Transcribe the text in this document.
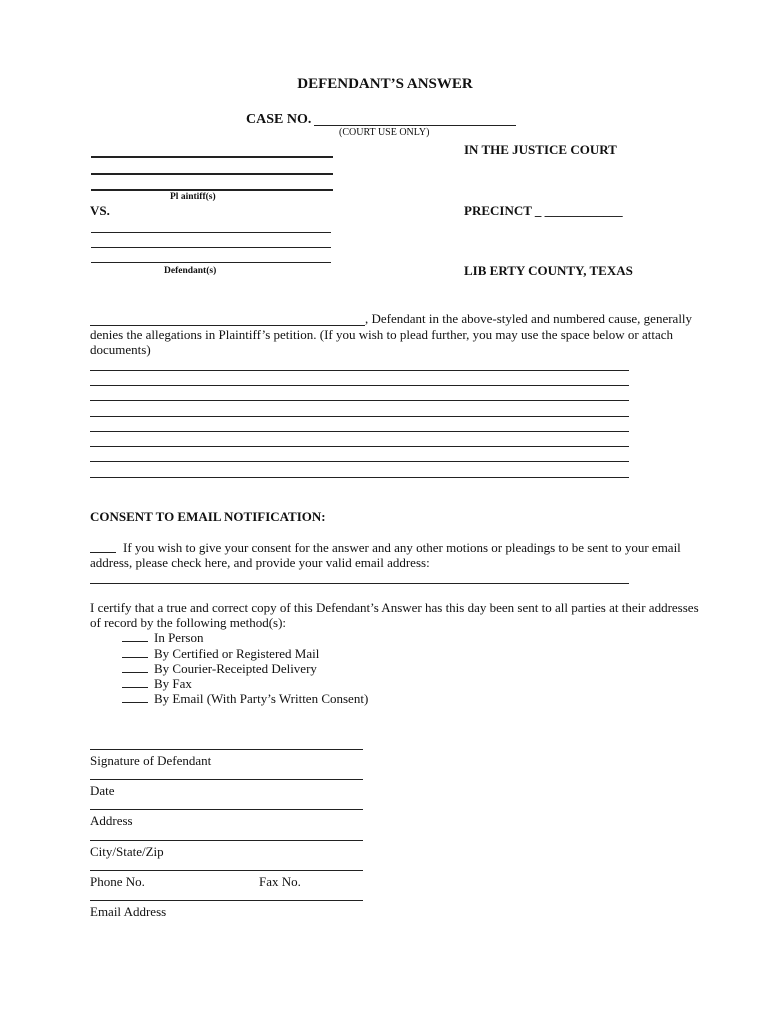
DEFENDANT’S ANSWER
CASE NO.
(COURT USE ONLY)
Pl aintiff(s)
IN THE JUSTICE COURT
VS.	PRECINCT _ ____________
Defendant(s)	LIB ERTY COUNTY, TEXAS
, Defendant in the above-styled and numbered cause, generally
denies the allegations in Plaintiff’s petition. (If you wish to plead further, you may use the space below or attach
documents)
CONSENT TO EMAIL NOTIFICATION:
If you wish to give your consent for the answer and any other motions or pleadings to be sent to your email
address, please check here, and provide your valid email address:
I certify that a true and correct copy of this Defendant’s Answer has this day been sent to all parties at their addresses
of record by the following method(s):
In Person
By Certified or Registered Mail
By Courier-Receipted Delivery
By Fax
By Email (With Party’s Written Consent)
Signature of Defendant
Date
Address
City/State/Zip
Phone No.	Fax No.
Email Address
